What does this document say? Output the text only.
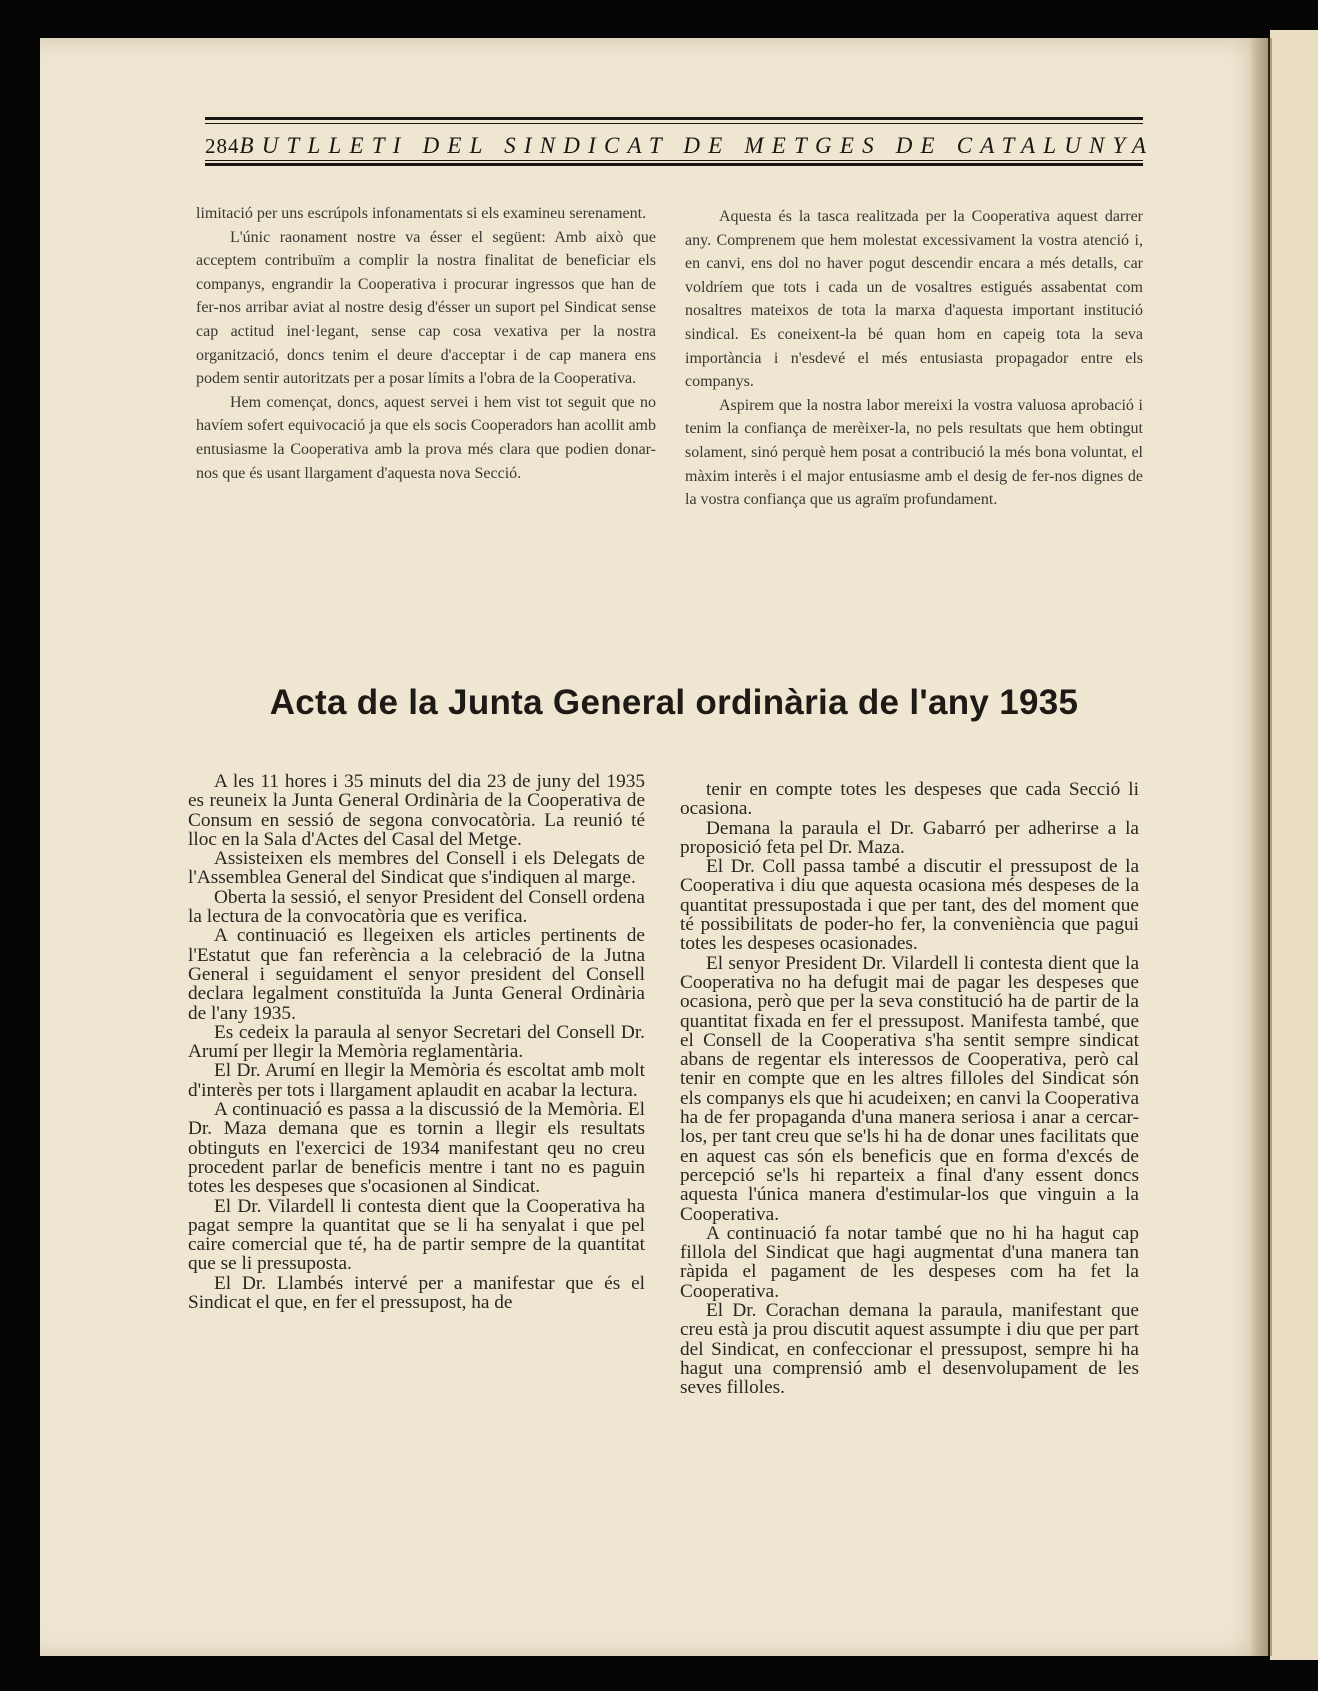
284 BUTLLETI DEL SINDICAT DE METGES DE CATALUNYA

limitació per uns escrúpols infonamentats si els examineu serenament.

L'únic raonament nostre va ésser el següent: Amb això que acceptem contribuïm a complir la nostra finalitat de beneficiar els companys, engrandir la Cooperativa i procurar ingressos que han de fer-nos arribar aviat al nostre desig d'ésser un suport pel Sindicat sense cap actitud inel·legant, sense cap cosa vexativa per la nostra organització, doncs tenim el deure d'acceptar i de cap manera ens podem sentir autoritzats per a posar límits a l'obra de la Cooperativa.

Hem començat, doncs, aquest servei i hem vist tot seguit que no havíem sofert equivocació ja que els socis Cooperadors han acollit amb entusiasme la Cooperativa amb la prova més clara que podien donar-nos que és usant llargament d'aquesta nova Secció.

Aquesta és la tasca realitzada per la Cooperativa aquest darrer any. Comprenem que hem molestat excessivament la vostra atenció i, en canvi, ens dol no haver pogut descendir encara a més detalls, car voldríem que tots i cada un de vosaltres estigués assabentat com nosaltres mateixos de tota la marxa d'aquesta important institució sindical. Es coneixent-la bé quan hom en capeig tota la seva importància i n'esdevé el més entusiasta propagador entre els companys.

Aspirem que la nostra labor mereixi la vostra valuosa aprobació i tenim la confiança de merèixer-la, no pels resultats que hem obtingut solament, sinó perquè hem posat a contribució la més bona voluntat, el màxim interès i el major entusiasme amb el desig de fer-nos dignes de la vostra confiança que us agraïm profundament.

Acta de la Junta General ordinària de l'any 1935

A les 11 hores i 35 minuts del dia 23 de juny del 1935 es reuneix la Junta General Ordinària de la Cooperativa de Consum en sessió de segona convocatòria. La reunió té lloc en la Sala d'Actes del Casal del Metge.

Assisteixen els membres del Consell i els Delegats de l'Assemblea General del Sindicat que s'indiquen al marge.

Oberta la sessió, el senyor President del Consell ordena la lectura de la convocatòria que es verifica.

A continuació es llegeixen els articles pertinents de l'Estatut que fan referència a la celebració de la Jutna General i seguidament el senyor president del Consell declara legalment constituïda la Junta General Ordinària de l'any 1935.

Es cedeix la paraula al senyor Secretari del Consell Dr. Arumí per llegir la Memòria reglamentària.

El Dr. Arumí en llegir la Memòria és escoltat amb molt d'interès per tots i llargament aplaudit en acabar la lectura.

A continuació es passa a la discussió de la Memòria. El Dr. Maza demana que es tornin a llegir els resultats obtinguts en l'exercici de 1934 manifestant qeu no creu procedent parlar de beneficis mentre i tant no es paguin totes les despeses que s'ocasionen al Sindicat.

El Dr. Vilardell li contesta dient que la Cooperativa ha pagat sempre la quantitat que se li ha senyalat i que pel caire comercial que té, ha de partir sempre de la quantitat que se li pressuposta.

El Dr. Llambés intervé per a manifestar que és el Sindicat el que, en fer el pressupost, ha de

tenir en compte totes les despeses que cada Secció li ocasiona.

Demana la paraula el Dr. Gabarró per adherirse a la proposició feta pel Dr. Maza.

El Dr. Coll passa també a discutir el pressupost de la Cooperativa i diu que aquesta ocasiona més despeses de la quantitat pressupostada i que per tant, des del moment que té possibilitats de poder-ho fer, la conveniència que pagui totes les despeses ocasionades.

El senyor President Dr. Vilardell li contesta dient que la Cooperativa no ha defugit mai de pagar les despeses que ocasiona, però que per la seva constitució ha de partir de la quantitat fixada en fer el pressupost. Manifesta també, que el Consell de la Cooperativa s'ha sentit sempre sindicat abans de regentar els interessos de Cooperativa, però cal tenir en compte que en les altres filloles del Sindicat són els companys els que hi acudeixen; en canvi la Cooperativa ha de fer propaganda d'una manera seriosa i anar a cercar-los, per tant creu que se'ls hi ha de donar unes facilitats que en aquest cas són els beneficis que en forma d'excés de percepció se'ls hi reparteix a final d'any essent doncs aquesta l'única manera d'estimular-los que vinguin a la Cooperativa.

A continuació fa notar també que no hi ha hagut cap fillola del Sindicat que hagi augmentat d'una manera tan ràpida el pagament de les despeses com ha fet la Cooperativa.

El Dr. Corachan demana la paraula, manifestant que creu està ja prou discutit aquest assumpte i diu que per part del Sindicat, en confeccionar el pressupost, sempre hi ha hagut una comprensió amb el desenvolupament de les seves filloles.
